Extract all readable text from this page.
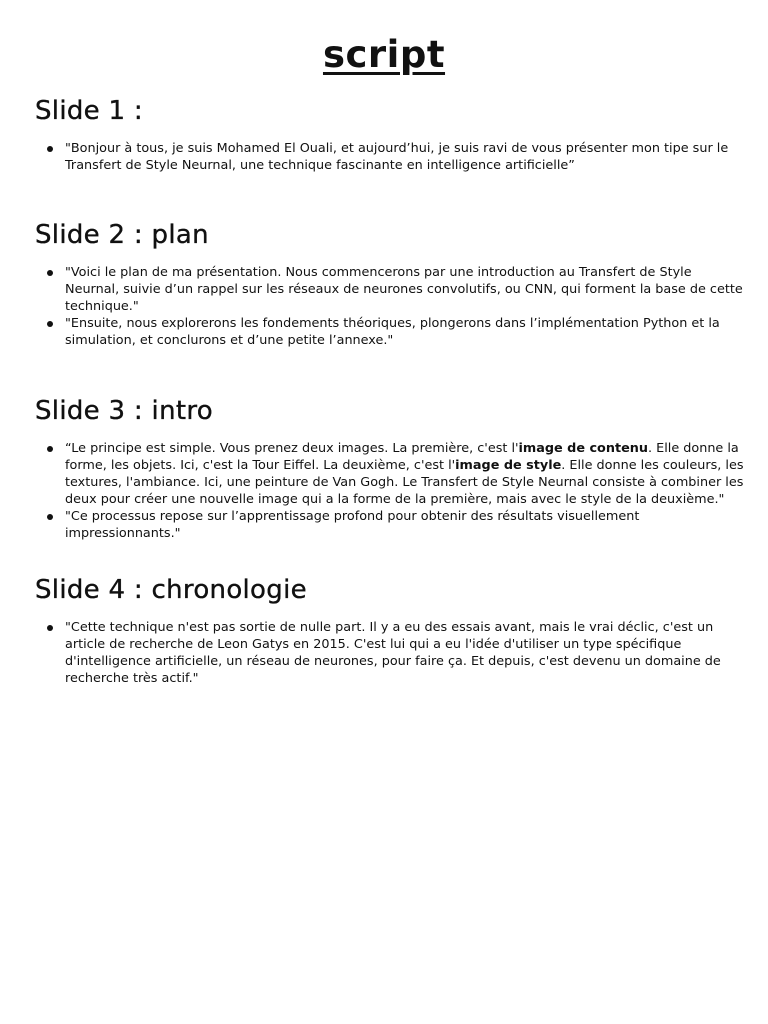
script
Slide 1 :
"Bonjour à tous, je suis Mohamed El Ouali, et aujourd’hui, je suis ravi de vous présenter mon tipe sur le Transfert de Style Neurnal, une technique fascinante en intelligence artificielle”
Slide 2 : plan
"Voici le plan de ma présentation. Nous commencerons par une introduction au Transfert de Style Neurnal, suivie d’un rappel sur les réseaux de neurones convolutifs, ou CNN, qui forment la base de cette technique."
"Ensuite, nous explorerons les fondements théoriques, plongerons dans l’implémentation Python et la simulation, et conclurons et d’une petite l’annexe."
Slide 3 : intro
“Le principe est simple. Vous prenez deux images. La première, c'est l'image de contenu. Elle donne la forme, les objets. Ici, c'est la Tour Eiffel. La deuxième, c'est l'image de style. Elle donne les couleurs, les textures, l'ambiance. Ici, une peinture de Van Gogh. Le Transfert de Style Neurnal consiste à combiner les deux pour créer une nouvelle image qui a la forme de la première, mais avec le style de la deuxième."
"Ce processus repose sur l’apprentissage profond pour obtenir des résultats visuellement impressionnants."
Slide 4 : chronologie
"Cette technique n'est pas sortie de nulle part. Il y a eu des essais avant, mais le vrai déclic, c'est un article de recherche de Leon Gatys en 2015. C'est lui qui a eu l'idée d'utiliser un type spécifique d'intelligence artificielle, un réseau de neurones, pour faire ça. Et depuis, c'est devenu un domaine de recherche très actif."
